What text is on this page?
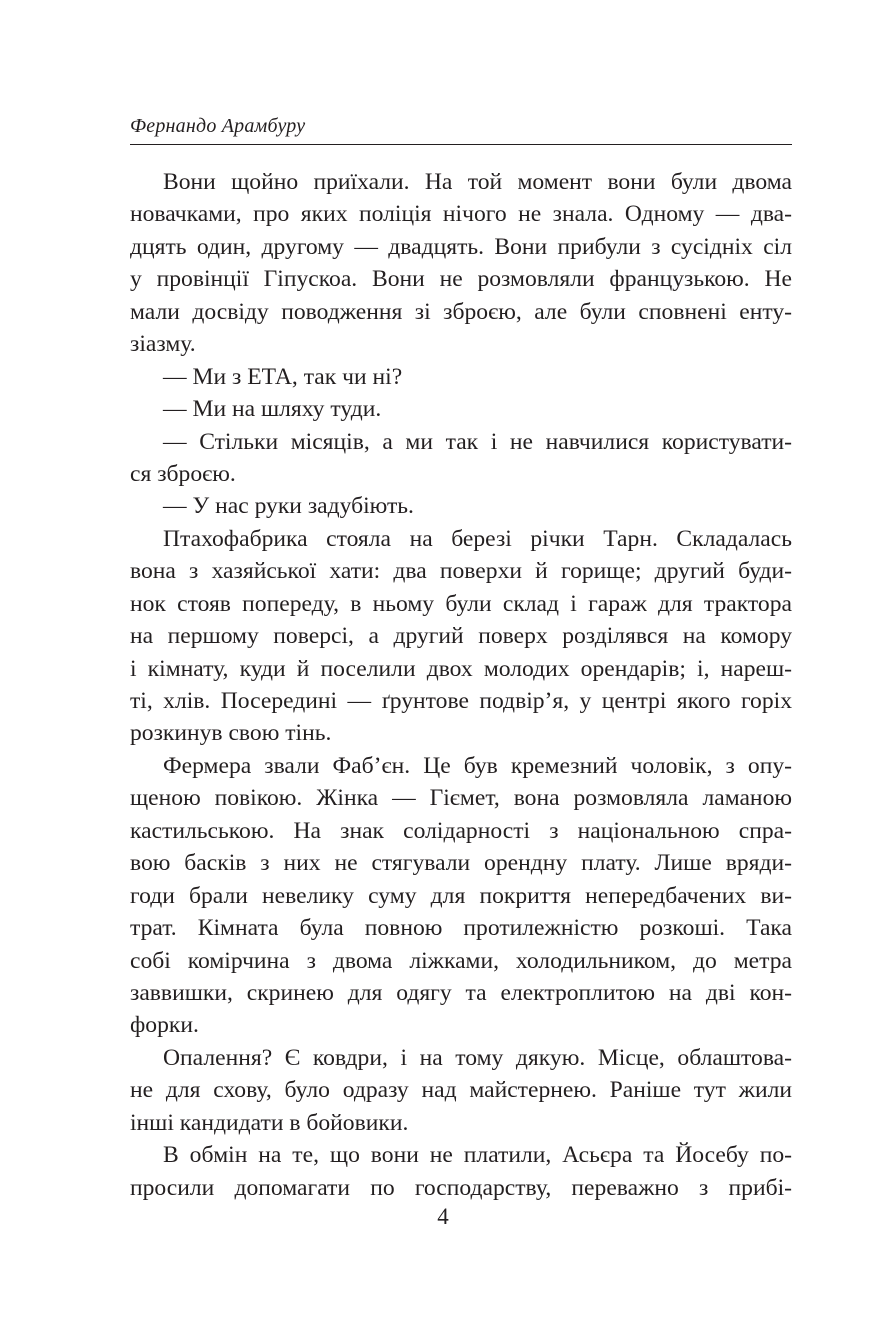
Фернандо Арамбуру
Вони щойно приїхали. На той момент вони були двома
новачками, про яких поліція нічого не знала. Одному — два-
дцять один, другому — двадцять. Вони прибули з сусідніх сіл
у провінції Гіпускоа. Вони не розмовляли французькою. Не
мали досвіду поводження зі зброєю, але були сповнені енту-
зіазму.
— Ми з ЕТА, так чи ні?
— Ми на шляху туди.
— Стільки місяців, а ми так і не навчилися користувати-
ся зброєю.
— У нас руки задубіють.
Птахофабрика стояла на березі річки Тарн. Складалась
вона з хазяйської хати: два поверхи й горище; другий буди-
нок стояв попереду, в ньому були склад і гараж для трактора
на першому поверсі, а другий поверх розділявся на комору
і кімнату, куди й поселили двох молодих орендарів; і, нареш-
ті, хлів. Посередині — ґрунтове подвір’я, у центрі якого горіх
розкинув свою тінь.
Фермера звали Фаб’єн. Це був кремезний чоловік, з опу-
щеною повікою. Жінка — Гіємет, вона розмовляла ламаною
кастильською. На знак солідарності з національною спра-
вою басків з них не стягували орендну плату. Лише вряди-
годи брали невелику суму для покриття непередбачених ви-
трат. Кімната була повною протилежністю розкоші. Така
собі комірчина з двома ліжками, холодильником, до метра
заввишки, скринею для одягу та електроплитою на дві кон-
форки.
Опалення? Є ковдри, і на тому дякую. Місце, облаштова-
не для схову, було одразу над майстернею. Раніше тут жили
інші кандидати в бойовики.
В обмін на те, що вони не платили, Асьєра та Йосебу по-
просили допомагати по господарству, переважно з прибі-
4
